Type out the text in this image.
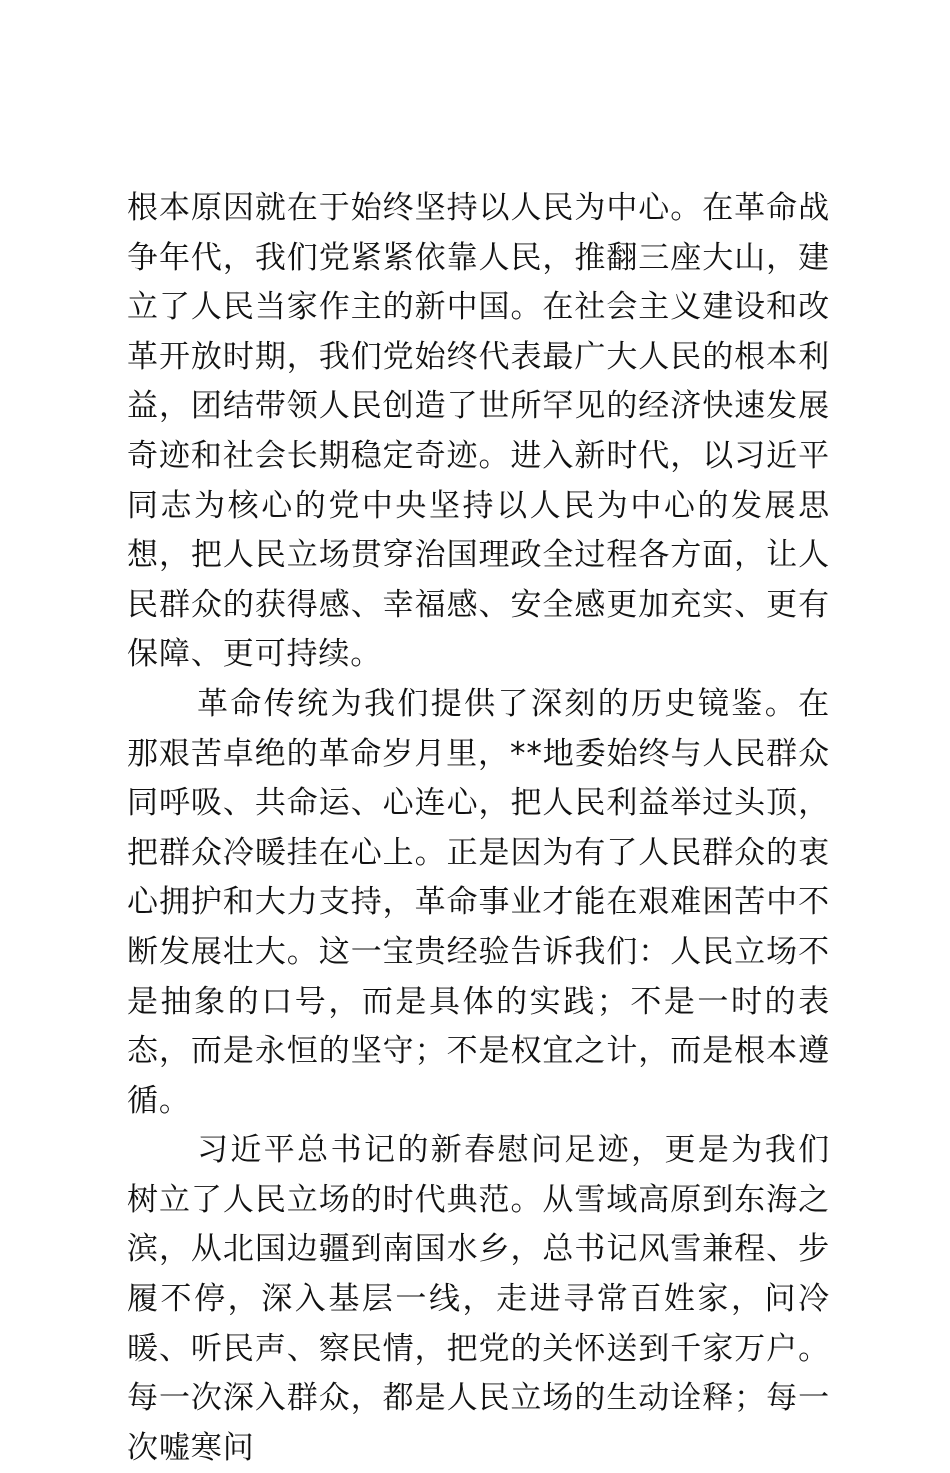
根本原因就在于始终坚持以人民为中心。在革命战争年代，我们党紧紧依靠人民，推翻三座大山，建立了人民当家作主的新中国。在社会主义建设和改革开放时期，我们党始终代表最广大人民的根本利益，团结带领人民创造了世所罕见的经济快速发展奇迹和社会长期稳定奇迹。进入新时代，以习近平同志为核心的党中央坚持以人民为中心的发展思想，把人民立场贯穿治国理政全过程各方面，让人民群众的获得感、幸福感、安全感更加充实、更有保障、更可持续。

革命传统为我们提供了深刻的历史镜鉴。在那艰苦卓绝的革命岁月里，**地委始终与人民群众同呼吸、共命运、心连心，把人民利益举过头顶，把群众冷暖挂在心上。正是因为有了人民群众的衷心拥护和大力支持，革命事业才能在艰难困苦中不断发展壮大。这一宝贵经验告诉我们：人民立场不是抽象的口号，而是具体的实践；不是一时的表态，而是永恒的坚守；不是权宜之计，而是根本遵循。

习近平总书记的新春慰问足迹，更是为我们树立了人民立场的时代典范。从雪域高原到东海之滨，从北国边疆到南国水乡，总书记风雪兼程、步履不停，深入基层一线，走进寻常百姓家，问冷暖、听民声、察民情，把党的关怀送到千家万户。每一次深入群众，都是人民立场的生动诠释；每一次嘘寒问
